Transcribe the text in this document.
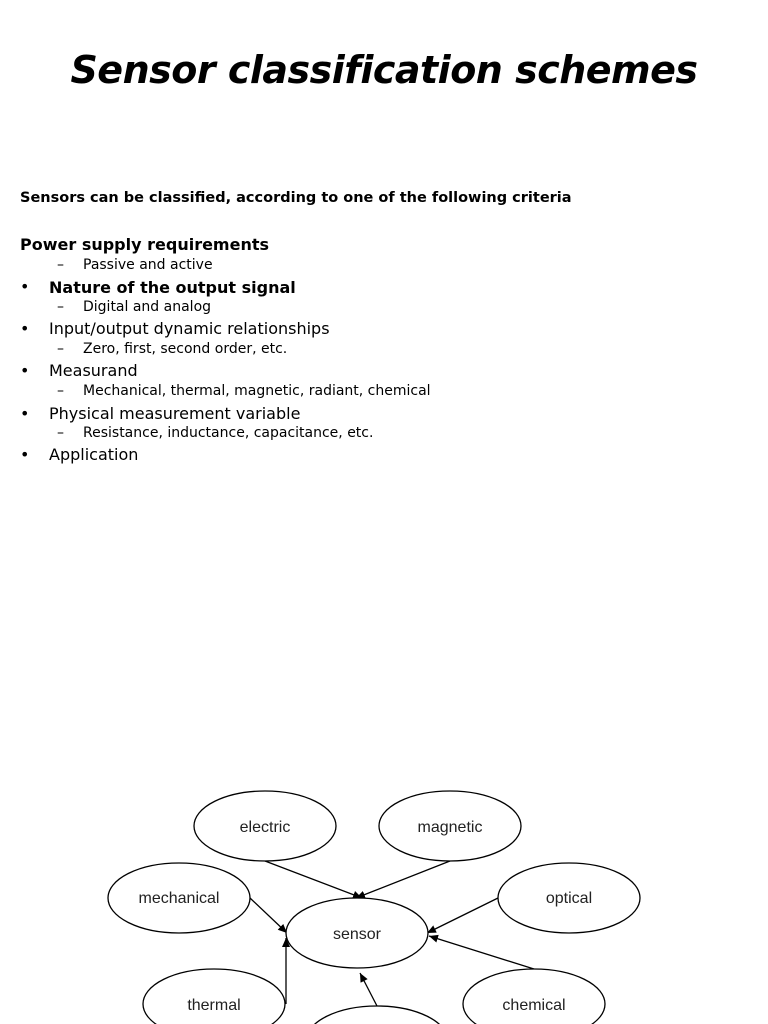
Sensor classification schemes
Sensors can be classified, according to one of the following criteria
Power supply requirements
– Passive and active
• Nature of the output signal
– Digital and analog
• Input/output dynamic relationships
– Zero, first, second order, etc.
• Measurand
– Mechanical, thermal, magnetic, radiant, chemical
• Physical measurement variable
– Resistance, inductance, capacitance, etc.
• Application
electric	magnetic
mechanical	optical
sensor
thermal	chemical
